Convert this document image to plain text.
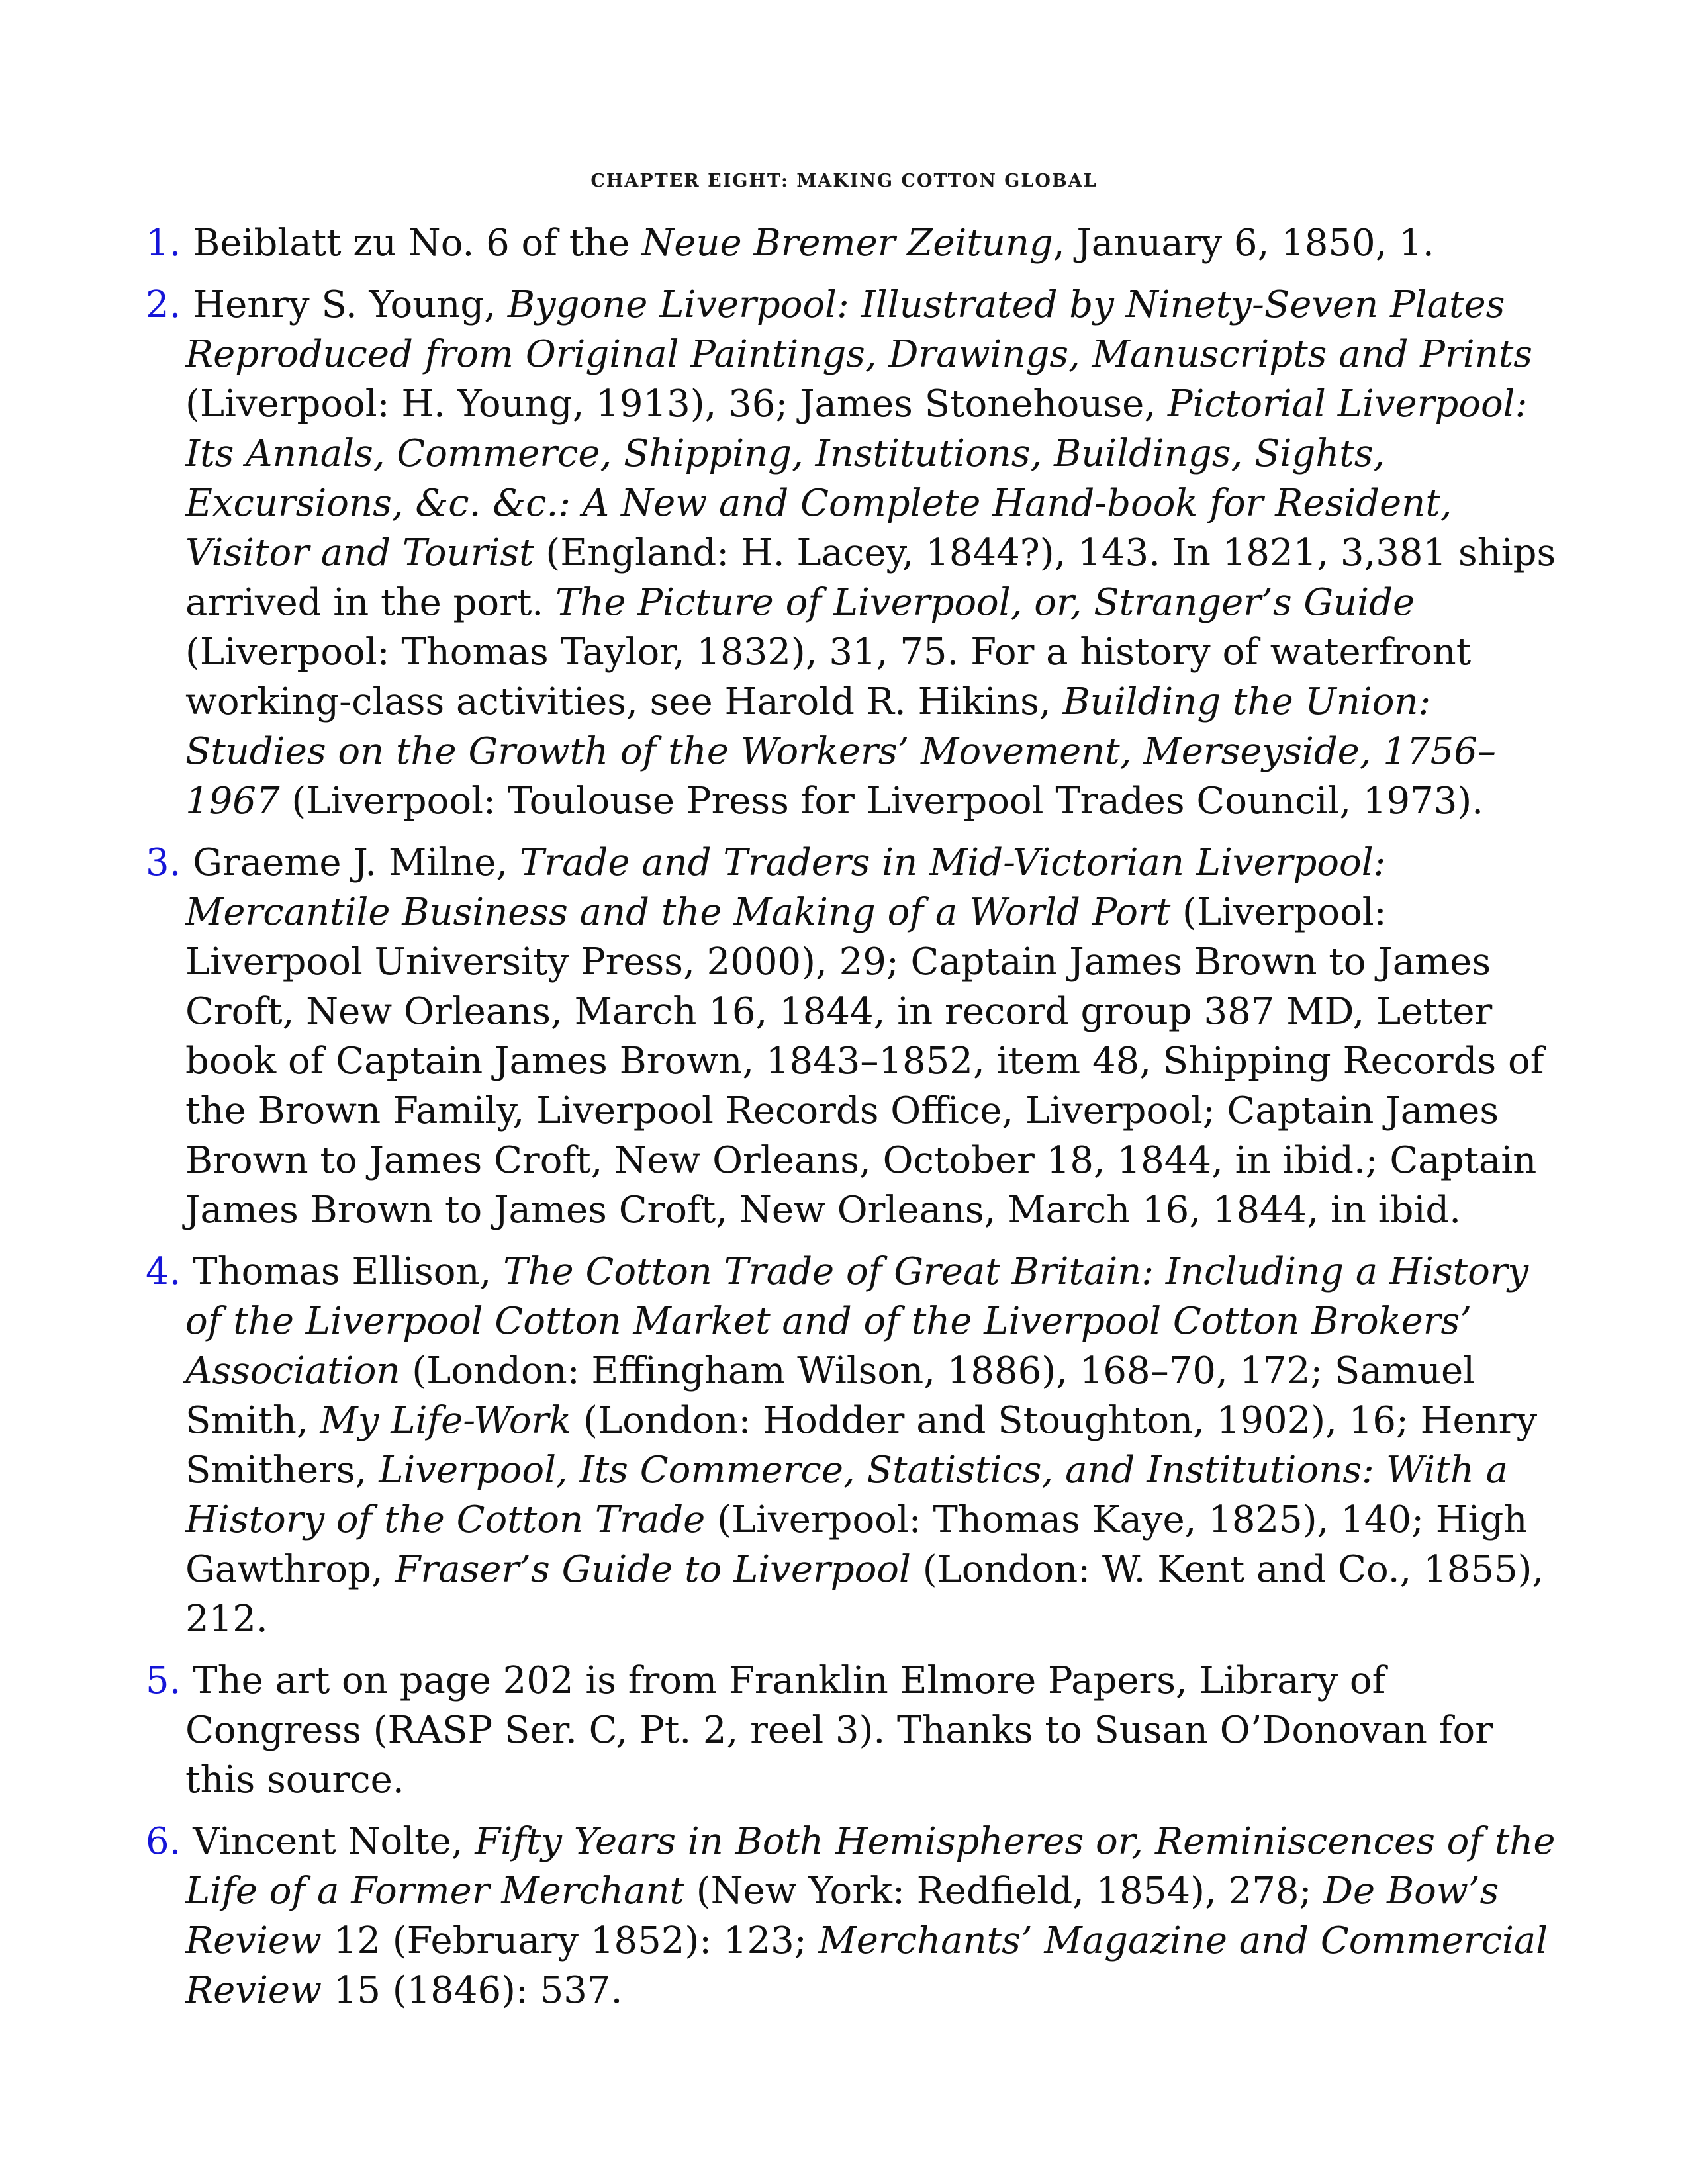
CHAPTER EIGHT: MAKING COTTON GLOBAL
1. Beiblatt zu No. 6 of the Neue Bremer Zeitung, January 6, 1850, 1.
2. Henry S. Young, Bygone Liverpool: Illustrated by Ninety-Seven Plates Reproduced from Original Paintings, Drawings, Manuscripts and Prints (Liverpool: H. Young, 1913), 36; James Stonehouse, Pictorial Liverpool: Its Annals, Commerce, Shipping, Institutions, Buildings, Sights, Excursions, &c. &c.: A New and Complete Hand-book for Resident, Visitor and Tourist (England: H. Lacey, 1844?), 143. In 1821, 3,381 ships arrived in the port. The Picture of Liverpool, or, Stranger’s Guide (Liverpool: Thomas Taylor, 1832), 31, 75. For a history of waterfront working-class activities, see Harold R. Hikins, Building the Union: Studies on the Growth of the Workers’ Movement, Merseyside, 1756–1967 (Liverpool: Toulouse Press for Liverpool Trades Council, 1973).
3. Graeme J. Milne, Trade and Traders in Mid-Victorian Liverpool: Mercantile Business and the Making of a World Port (Liverpool: Liverpool University Press, 2000), 29; Captain James Brown to James Croft, New Orleans, March 16, 1844, in record group 387 MD, Letter book of Captain James Brown, 1843–1852, item 48, Shipping Records of the Brown Family, Liverpool Records Office, Liverpool; Captain James Brown to James Croft, New Orleans, October 18, 1844, in ibid.; Captain James Brown to James Croft, New Orleans, March 16, 1844, in ibid.
4. Thomas Ellison, The Cotton Trade of Great Britain: Including a History of the Liverpool Cotton Market and of the Liverpool Cotton Brokers’ Association (London: Effingham Wilson, 1886), 168–70, 172; Samuel Smith, My Life-Work (London: Hodder and Stoughton, 1902), 16; Henry Smithers, Liverpool, Its Commerce, Statistics, and Institutions: With a History of the Cotton Trade (Liverpool: Thomas Kaye, 1825), 140; High Gawthrop, Fraser’s Guide to Liverpool (London: W. Kent and Co., 1855), 212.
5. The art on page 202 is from Franklin Elmore Papers, Library of Congress (RASP Ser. C, Pt. 2, reel 3). Thanks to Susan O’Donovan for this source.
6. Vincent Nolte, Fifty Years in Both Hemispheres or, Reminiscences of the Life of a Former Merchant (New York: Redfield, 1854), 278; De Bow’s Review 12 (February 1852): 123; Merchants’ Magazine and Commercial Review 15 (1846): 537.
